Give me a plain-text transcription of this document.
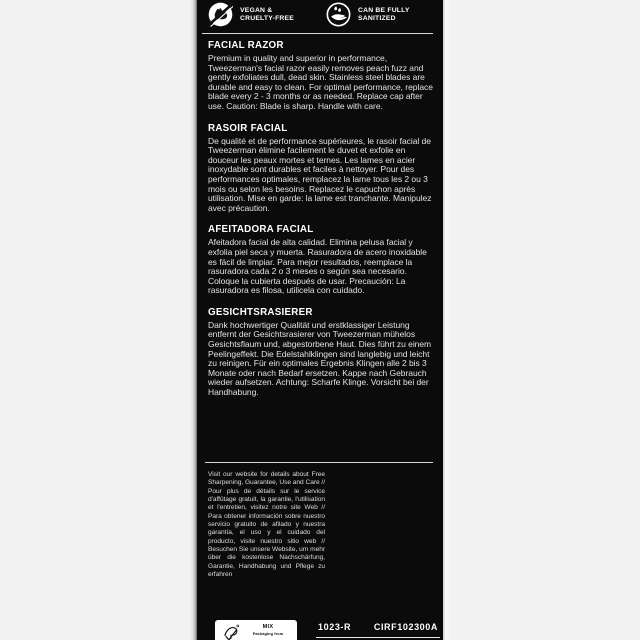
VEGAN &
CRUELTY-FREE
CAN BE FULLY
SANITIZED
FACIAL RAZOR

Premium in quality and superior in performance, Tweezerman's facial razor easily removes peach fuzz and gently exfoliates dull, dead skin. Stainless steel blades are durable and easy to clean. For optimal performance, replace blade every 2 - 3 months or as needed. Replace cap after use. Caution: Blade is sharp. Handle with care.

RASOIR FACIAL

De qualité et de performance supérieures, le rasoir facial de Tweezerman élimine facilement le duvet et exfolie en douceur les peaux mortes et ternes. Les lames en acier inoxydable sont durables et faciles à nettoyer. Pour des performances optimales, remplacez la lame tous les 2 ou 3 mois ou selon les besoins. Replacez le capuchon après utilisation. Mise en garde: la lame est tranchante. Manipulez avec précaution.

AFEITADORA FACIAL

Afeitadora facial de alta calidad. Elimina pelusa facial y exfolia piel seca y muerta. Rasuradora de acero inoxidable es fácil de limpiar. Para mejor resultados, reemplace la rasuradora cada 2 o 3 meses o según sea necesario. Coloque la cubierta después de usar. Precaución: La rasuradora es filosa, utilicela con cuidado.

GESICHTSRASIERER

Dank hochwertiger Qualität und erstklassiger Leistung entfernt der Gesichtsrasierer von Tweezerman mühelos Gesichtsflaum und, abgestorbene Haut. Dies führt zu einem Peelingeffekt. Die Edelstahlklingen sind langlebig und leicht zu reinigen. Für ein optimales Ergebnis Klingen alle 2 bis 3 Monate oder nach Bedarf ersetzen. Kappe nach Gebrauch wieder aufsetzen. Achtung: Scharfe Klinge. Vorsicht bei der Handhabung.

Visit our website for details about Free Sharpening, Guarantee, Use and Care // Pour plus de détails sur le service d'affûtage gratuit, la garantie, l'utilisation et l'entretien, visitez notre site Web // Para obtener información sobre nuestro servicio gratuito de afilado y nuestra garantía, el uso y el cuidado del producto, visite nuestro sitio web // Besuchen Sie unsere Website, um mehr über die kostenlose Nachschärfung, Garantie, Handhabung und Pflege zu erfahren

MIX
Packaging from
1023-R	CIRF102300A
